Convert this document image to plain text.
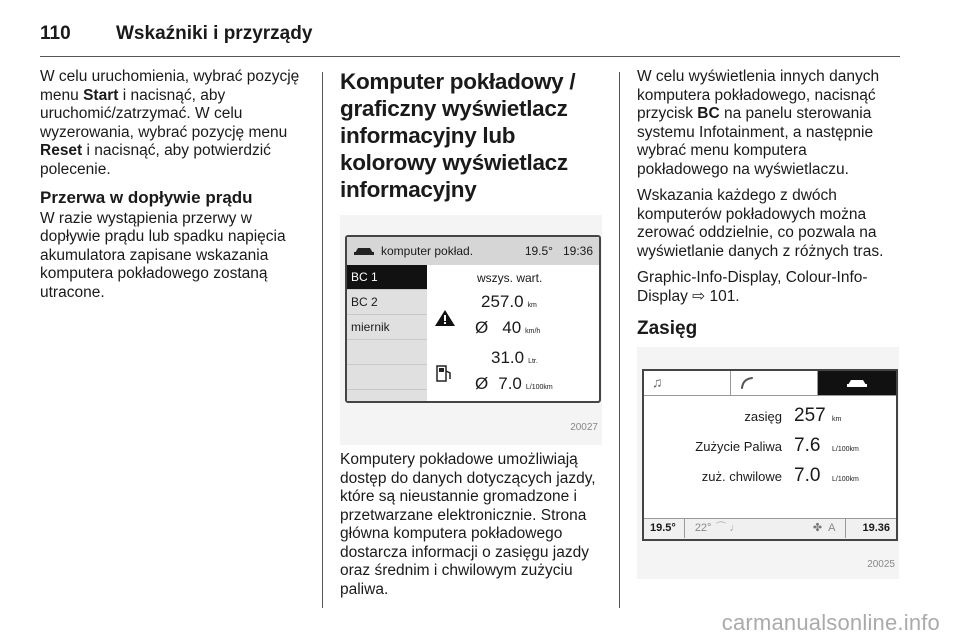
110	Wskaźniki i przyrządy

W celu uruchomienia, wybrać pozycję menu Start i nacisnąć, aby uruchomić/zatrzymać. W celu wyzerowania, wybrać pozycję menu Reset i nacisnąć, aby potwierdzić polecenie.

Przerwa w dopływie prądu

W razie wystąpienia przerwy w dopływie prądu lub spadku napięcia akumulatora zapisane wskazania komputera pokładowego zostaną utracone.

Komputer pokładowy / graficzny wyświetlacz informacyjny lub kolorowy wyświetlacz informacyjny
komputer pokład.	19.5° 19:36
BC 1
BC 2
miernik
wszys. wart.
257.0 km
Ø 40 km/h
31.0 Ltr.
Ø 7.0 L/100km
20027

Komputery pokładowe umożliwiają dostęp do danych dotyczących jazdy, które są nieustannie gromadzone i przetwarzane elektronicznie. Strona główna komputera pokładowego dostarcza informacji o zasięgu jazdy oraz średnim i chwilowym zużyciu paliwa.

W celu wyświetlenia innych danych komputera pokładowego, nacisnąć przycisk BC na panelu sterowania systemu Infotainment, a następnie wybrać menu komputera pokładowego na wyświetlaczu.

Wskazania każdego z dwóch komputerów pokładowych można zerować oddzielnie, co pozwala na wyświetlanie danych z różnych tras.

Graphic-Info-Display, Colour-Info-Display ⇨ 101.

Zasięg
♫
zasięg 257 km
Zużycie Paliwa 7.6	L/100km
zuż. chwilowe 7.0	L/100km
19.5°	22° ⌒ ♩	✤ A	19.36
20025
carmanualsonline.info
